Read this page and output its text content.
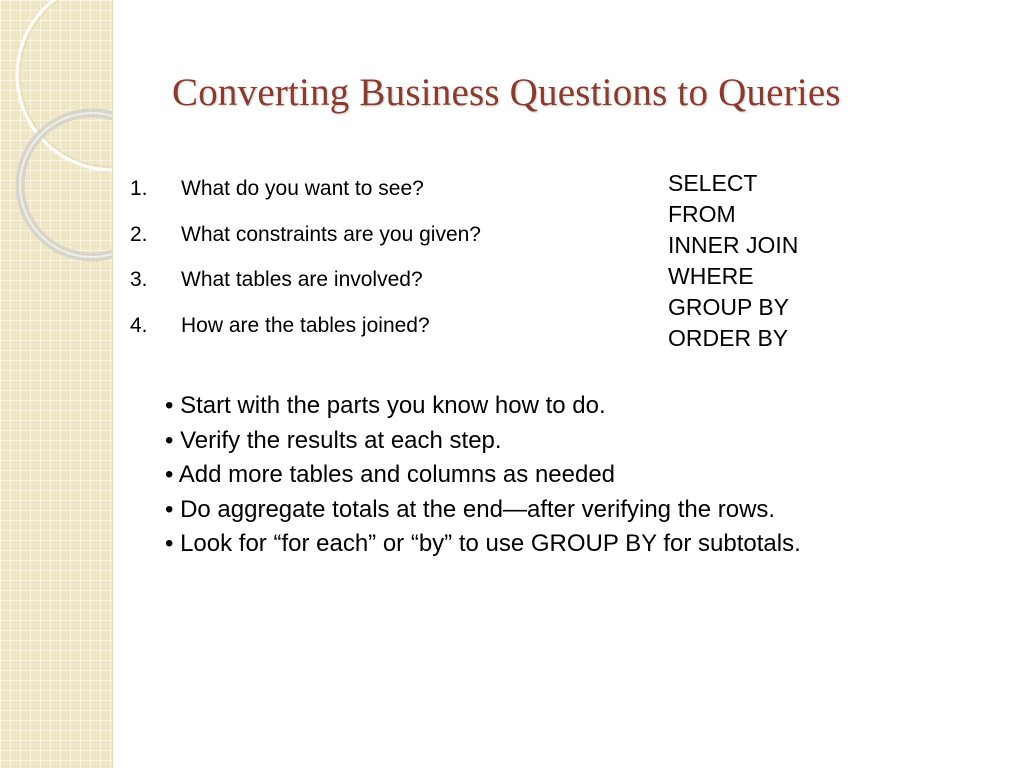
Converting Business Questions to Queries
1.	What do you want to see?
2.	What constraints are you given?
3.	What tables are involved?
4.	How are the tables joined?
SELECT
FROM
INNER JOIN
WHERE
GROUP BY
ORDER BY
• Start with the parts you know how to do.
• Verify the results at each step.
• Add more tables and columns as needed
• Do aggregate totals at the end—after verifying the rows.
• Look for “for each” or “by” to use GROUP BY for subtotals.
